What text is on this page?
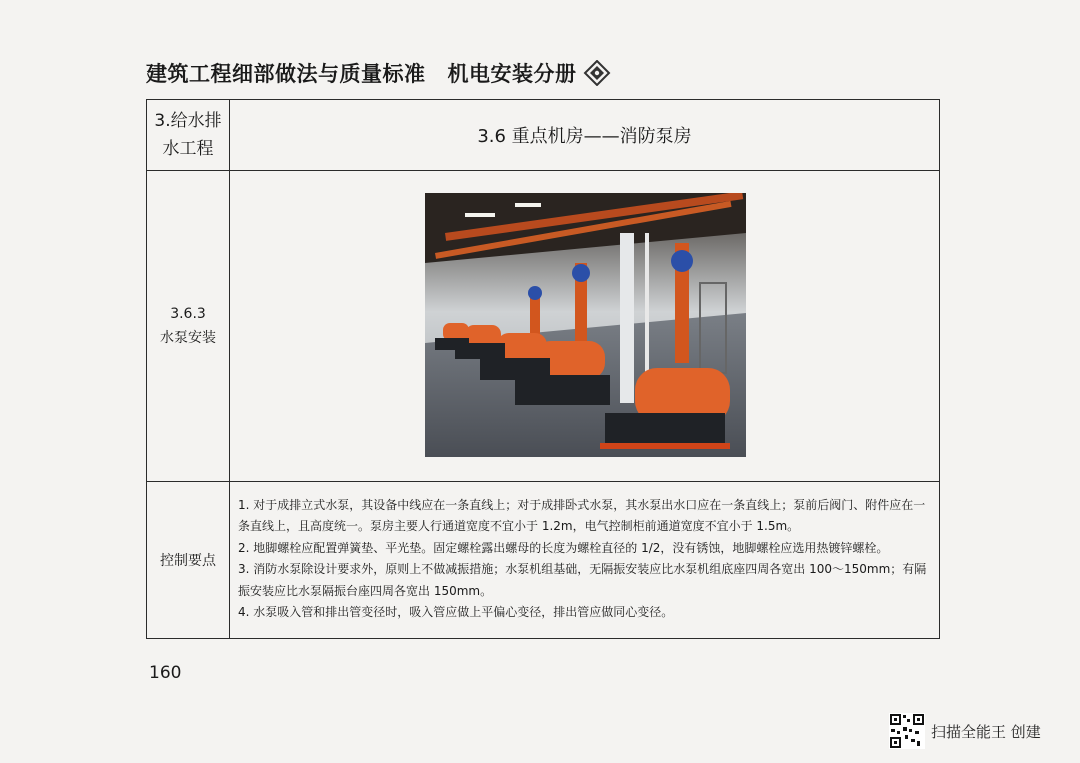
建筑工程细部做法与质量标准 机电安装分册
3.给水排水工程	3.6 重点机房——消防泵房

3.6.3
水泵安装

控制要点	1. 对于成排立式水泵，其设备中线应在一条直线上；对于成排卧式水泵，其水泵出水口应在一条直线上；泵前后阀门、附件应在一条直线上，且高度统一。泵房主要人行通道宽度不宜小于 1.2m，电气控制柜前通道宽度不宜小于 1.5m。

2. 地脚螺栓应配置弹簧垫、平光垫。固定螺栓露出螺母的长度为螺栓直径的 1/2，没有锈蚀，地脚螺栓应选用热镀锌螺栓。

3. 消防水泵除设计要求外，原则上不做减振措施；水泵机组基础，无隔振安装应比水泵机组底座四周各宽出 100～150mm；有隔振安装应比水泵隔振台座四周各宽出 150mm。

4. 水泵吸入管和排出管变径时，吸入管应做上平偏心变径，排出管应做同心变径。

160
扫描全能王 创建
